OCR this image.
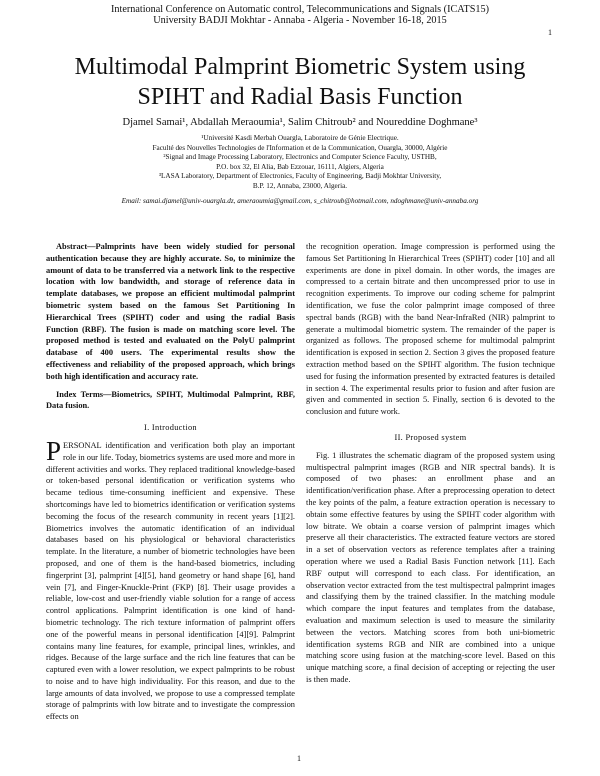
International Conference on Automatic control, Telecommunications and Signals (ICATS15)
University BADJI Mokhtar - Annaba - Algeria - November 16-18, 2015
1
Multimodal Palmprint Biometric System using
SPIHT and Radial Basis Function
Djamel Samai¹, Abdallah Meraoumia¹, Salim Chitroub² and Noureddine Doghmane³
¹Université Kasdi Merbah Ouargla, Laboratoire de Génie Electrique.
Faculté des Nouvelles Technologies de l'Information et de la Communication, Ouargla, 30000, Algérie
²Signal and Image Processing Laboratory, Electronics and Computer Science Faculty, USTHB,
P.O. box 32, El Alia, Bab Ezzouar, 16111, Algiers, Algeria
³LASA Laboratory, Department of Electronics, Faculty of Engineering, Badji Mokhtar University,
B.P. 12, Annaba, 23000, Algeria.
Email: samai.djamel@univ-ouargla.dz, ameraoumia@gmail.com, s_chitroub@hotmail.com, ndoghmane@univ-annaba.org

Abstract—Palmprints have been widely studied for personal authentication because they are highly accurate. So, to minimize the amount of data to be transferred via a network link to the respective location with low bandwidth, and storage of reference data in template databases, we propose an efficient multimodal palmprint biometric system based on the famous Set Partitioning In Hierarchical Trees (SPIHT) coder and using the radial Basis Function (RBF). The fusion is made on matching score level. The proposed method is tested and evaluated on the PolyU palmprint database of 400 users. The experimental results show the effectiveness and reliability of the proposed approach, which brings both high identification and accuracy rate.

Index Terms—Biometrics, SPIHT, Multimodal Palmprint, RBF, Data fusion.

I. Introduction

P ERSONAL identification and verification both play an important role in our life. Today, biometrics systems are used more and more in different activities and works. They replaced traditional knowledge-based or token-based personal identification or verification systems who became tedious time-consuming inefficient and expensive. These shortcomings have led to biometrics identification or verification systems becoming the focus of the research community in recent years [1][2]. Biometrics involves the automatic identification of an individual databases based on his physiological or behavioral characteristics template. In the literature, a number of biometric technologies have been proposed, and one of them is the hand-based biometrics, including fingerprint [3], palmprint [4][5], hand geometry or hand shape [6], hand vein [7], and Finger-Knuckle-Print (FKP) [8]. Their usage provides a reliable, low-cost and user-friendly viable solution for a range of access control applications. Palmprint identification is one kind of hand-biometric technology. The rich texture information of palmprint offers one of the powerful means in personal identification [4][9]. Palmprint contains many line features, for example, principal lines, wrinkles, and ridges. Because of the large surface and the rich line features that can be captured even with a lower resolution, we expect palmprints to be robust to noise and to have high individuality. For this reason, and due to the large amounts of data involved, we propose to use a compressed template storage of palmprints with low bitrate and to investigate the compression effects on

the recognition operation. Image compression is performed using the famous Set Partitioning In Hierarchical Trees (SPIHT) coder [10] and all experiments are done in pixel domain. In other words, the images are compressed to a certain bitrate and then uncompressed prior to use in recognition experiments. To improve our coding scheme for palmprint identification, we fuse the color palmprint image composed of three spectral bands (RGB) with the band Near-InfraRed (NIR) palmprint to generate a multimodal biometric system. The remainder of the paper is organized as follows. The proposed scheme for multimodal palmprint identification is exposed in section 2. Section 3 gives the proposed feature extraction method based on the SPIHT algorithm. The fusion technique used for fusing the information presented by extracted features is detailed in section 4. The experimental results prior to fusion and after fusion are given and commented in section 5. Finally, section 6 is devoted to the conclusion and future work.

II. Proposed system

Fig. 1 illustrates the schematic diagram of the proposed system using multispectral palmprint images (RGB and NIR spectral bands). It is composed of two phases: an enrollment phase and an identification/verification phase. After a preprocessing operation to detect the key points of the palm, a feature extraction operation is necessary to obtain some effective features by using the SPIHT coder algorithm with low bitrate. We obtain a coarse version of palmprint images which preserve all their characteristics. The extracted feature vectors are stored in a set of observation vectors as reference templates after a training operation where we used a Radial Basis Function network [11]. Each RBF output will correspond to each class. For identification, an observation vector extracted from the test multispectral palmprint images and classifying them by the trained classifier. In the matching module which compare the input features and templates from the database, evaluation and maximum selection is used to measure the similarity between the vectors. Matching scores from both uni-biometric identification systems RGB and NIR are combined into a unique matching score using fusion at the matching-score level. Based on this unique matching score, a final decision of accepting or rejecting the user is then made.

1
